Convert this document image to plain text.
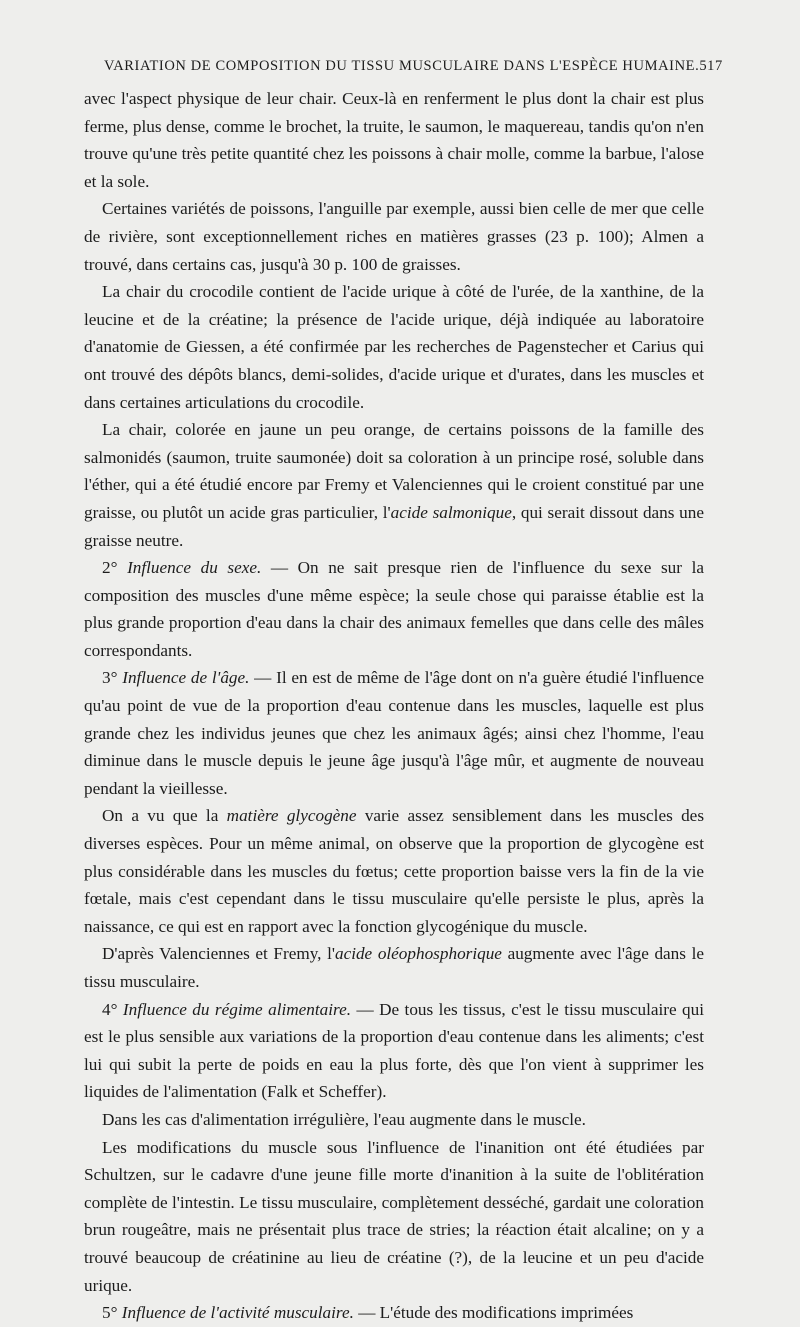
VARIATION DE COMPOSITION DU TISSU MUSCULAIRE DANS L'ESPÈCE HUMAINE. 517

avec l'aspect physique de leur chair. Ceux-là en renferment le plus dont la chair est plus ferme, plus dense, comme le brochet, la truite, le saumon, le maquereau, tandis qu'on n'en trouve qu'une très petite quantité chez les poissons à chair molle, comme la barbue, l'alose et la sole.

Certaines variétés de poissons, l'anguille par exemple, aussi bien celle de mer que celle de rivière, sont exceptionnellement riches en matières grasses (23 p. 100); Almen a trouvé, dans certains cas, jusqu'à 30 p. 100 de graisses.

La chair du crocodile contient de l'acide urique à côté de l'urée, de la xanthine, de la leucine et de la créatine; la présence de l'acide urique, déjà indiquée au laboratoire d'anatomie de Giessen, a été confirmée par les recherches de Pagenstecher et Carius qui ont trouvé des dépôts blancs, demi-solides, d'acide urique et d'urates, dans les muscles et dans certaines articulations du crocodile.

La chair, colorée en jaune un peu orange, de certains poissons de la famille des salmonidés (saumon, truite saumonée) doit sa coloration à un principe rosé, soluble dans l'éther, qui a été étudié encore par Fremy et Valenciennes qui le croient constitué par une graisse, ou plutôt un acide gras particulier, l'acide salmonique, qui serait dissout dans une graisse neutre.

2° Influence du sexe. — On ne sait presque rien de l'influence du sexe sur la composition des muscles d'une même espèce; la seule chose qui paraisse établie est la plus grande proportion d'eau dans la chair des animaux femelles que dans celle des mâles correspondants.

3° Influence de l'âge. — Il en est de même de l'âge dont on n'a guère étudié l'influence qu'au point de vue de la proportion d'eau contenue dans les muscles, laquelle est plus grande chez les individus jeunes que chez les animaux âgés; ainsi chez l'homme, l'eau diminue dans le muscle depuis le jeune âge jusqu'à l'âge mûr, et augmente de nouveau pendant la vieillesse.

On a vu que la matière glycogène varie assez sensiblement dans les muscles des diverses espèces. Pour un même animal, on observe que la proportion de glycogène est plus considérable dans les muscles du fœtus; cette proportion baisse vers la fin de la vie fœtale, mais c'est cependant dans le tissu musculaire qu'elle persiste le plus, après la naissance, ce qui est en rapport avec la fonction glycogénique du muscle.

D'après Valenciennes et Fremy, l'acide oléophosphorique augmente avec l'âge dans le tissu musculaire.

4° Influence du régime alimentaire. — De tous les tissus, c'est le tissu musculaire qui est le plus sensible aux variations de la proportion d'eau contenue dans les aliments; c'est lui qui subit la perte de poids en eau la plus forte, dès que l'on vient à supprimer les liquides de l'alimentation (Falk et Scheffer).

Dans les cas d'alimentation irrégulière, l'eau augmente dans le muscle.

Les modifications du muscle sous l'influence de l'inanition ont été étudiées par Schultzen, sur le cadavre d'une jeune fille morte d'inanition à la suite de l'oblitération complète de l'intestin. Le tissu musculaire, complètement desséché, gardait une coloration brun rougeâtre, mais ne présentait plus trace de stries; la réaction était alcaline; on y a trouvé beaucoup de créatinine au lieu de créatine (?), de la leucine et un peu d'acide urique.

5° Influence de l'activité musculaire. — L'étude des modifications imprimées
